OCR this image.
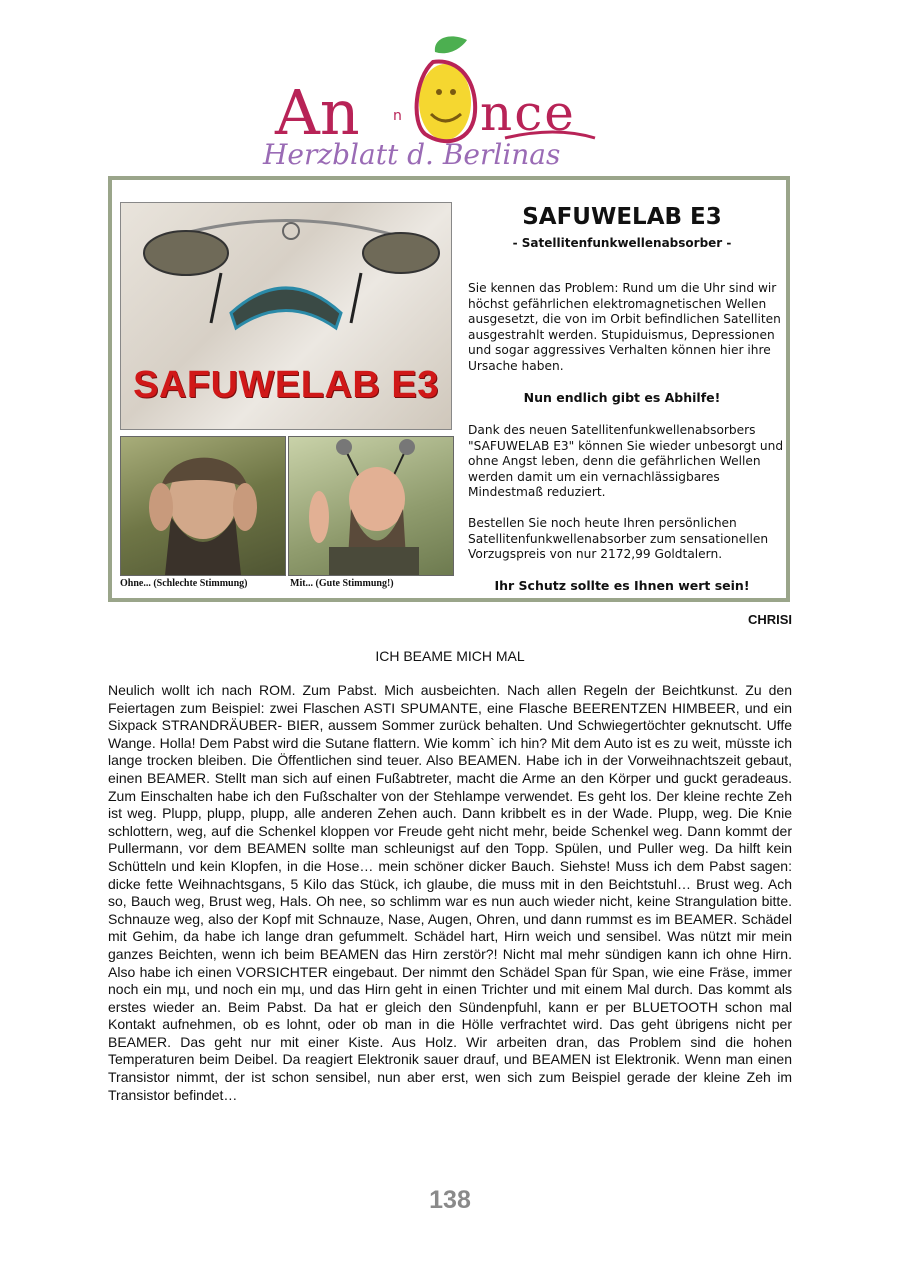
An n nce
Herzblatt d. Berlinas
SAFUWELAB E3
Ohne... (Schlechte Stimmung)	Mit... (Gute Stimmung!)
SAFUWELAB E3
- Satellitenfunkwellenabsorber -
Sie kennen das Problem: Rund um die Uhr sind wir höchst gefährlichen elektromagnetischen Wellen ausgesetzt, die von im Orbit befindlichen Satelliten ausgestrahlt werden. Stupiduismus, Depressionen und sogar aggressives Verhalten können hier ihre Ursache haben.
Nun endlich gibt es Abhilfe!
Dank des neuen Satellitenfunkwellenabsorbers "SAFUWELAB E3" können Sie wieder unbesorgt und ohne Angst leben, denn die gefährlichen Wellen werden damit um ein vernachlässigbares Mindestmaß reduziert.
Bestellen Sie noch heute Ihren persönlichen Satellitenfunkwellenabsorber zum sensationellen Vorzugspreis von nur 2172,99 Goldtalern.
Ihr Schutz sollte es Ihnen wert sein!
CHRISI
ICH BEAME MICH MAL
Neulich wollt ich nach ROM. Zum Pabst. Mich ausbeichten. Nach allen Regeln der Beichtkunst. Zu den Feiertagen zum Beispiel: zwei Flaschen ASTI SPUMANTE, eine Flasche BEERENTZEN HIMBEER, und ein Sixpack STRANDRÄUBER- BIER, aussem Sommer zurück behalten. Und Schwiegertöchter geknutscht. Uffe Wange. Holla! Dem Pabst wird die Sutane flattern. Wie komm` ich hin? Mit dem Auto ist es zu weit, müsste ich lange trocken bleiben. Die Öffentlichen sind teuer. Also BEAMEN. Habe ich in der Vorweihnachtszeit gebaut, einen BEAMER. Stellt man sich auf einen Fußabtreter, macht die Arme an den Körper und guckt geradeaus. Zum Einschalten habe ich den Fußschalter von der Stehlampe verwendet. Es geht los. Der kleine rechte Zeh ist weg. Plupp, plupp, plupp, alle anderen Zehen auch. Dann kribbelt es in der Wade. Plupp, weg. Die Knie schlottern, weg, auf die Schenkel kloppen vor Freude geht nicht mehr, beide Schenkel weg. Dann kommt der Pullermann, vor dem BEAMEN sollte man schleunigst auf den Topp. Spülen, und Puller weg. Da hilft kein Schütteln und kein Klopfen, in die Hose… mein schöner dicker Bauch. Siehste! Muss ich dem Pabst sagen: dicke fette Weihnachtsgans, 5 Kilo das Stück, ich glaube, die muss mit in den Beichtstuhl… Brust weg. Ach so, Bauch weg, Brust weg, Hals. Oh nee, so schlimm war es nun auch wieder nicht, keine Strangulation bitte. Schnauze weg, also der Kopf mit Schnauze, Nase, Augen, Ohren, und dann rummst es im BEAMER. Schädel mit Gehim, da habe ich lange dran gefummelt. Schädel hart, Hirn weich und sensibel. Was nützt mir mein ganzes Beichten, wenn ich beim BEAMEN das Hirn zerstör?! Nicht mal mehr sündigen kann ich ohne Hirn. Also habe ich einen VORSICHTER eingebaut. Der nimmt den Schädel Span für Span, wie eine Fräse, immer noch ein mµ, und noch ein mµ, und das Hirn geht in einen Trichter und mit einem Mal durch. Das kommt als erstes wieder an. Beim Pabst. Da hat er gleich den Sündenpfuhl, kann er per BLUETOOTH schon mal Kontakt aufnehmen, ob es lohnt, oder ob man in die Hölle verfrachtet wird. Das geht übrigens nicht per BEAMER. Das geht nur mit einer Kiste. Aus Holz. Wir arbeiten dran, das Problem sind die hohen Temperaturen beim Deibel. Da reagiert Elektronik sauer drauf, und BEAMEN ist Elektronik. Wenn man einen Transistor nimmt, der ist schon sensibel, nun aber erst, wen sich zum Beispiel gerade der kleine Zeh im Transistor befindet…
138
